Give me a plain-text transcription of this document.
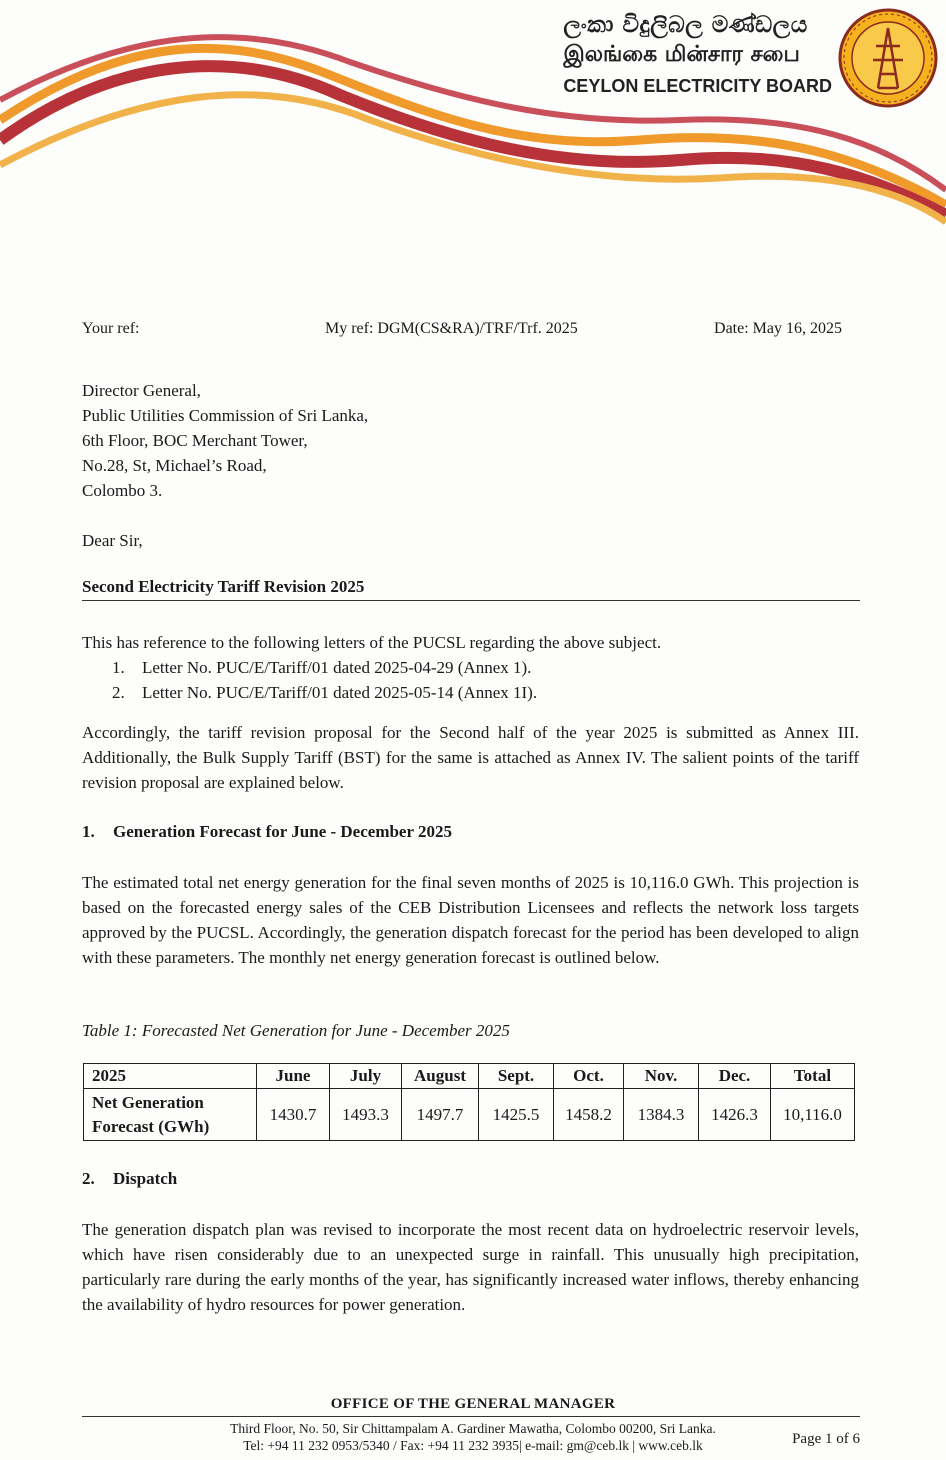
ලංකා විදුලිබල මණ්ඩලය
இலங்கை மின்சார சபை
CEYLON ELECTRICITY BOARD
Your ref:	My ref: DGM(CS&RA)/TRF/Trf. 2025	Date: May 16, 2025
Director General,
Public Utilities Commission of Sri Lanka,
6th Floor, BOC Merchant Tower,
No.28, St, Michael’s Road,
Colombo 3.
Dear Sir,
Second Electricity Tariff Revision 2025
This has reference to the following letters of the PUCSL regarding the above subject.
1. Letter No. PUC/E/Tariff/01 dated 2025-04-29 (Annex 1).
2. Letter No. PUC/E/Tariff/01 dated 2025-05-14 (Annex 1I).
Accordingly, the tariff revision proposal for the Second half of the year 2025 is submitted as Annex III. Additionally, the Bulk Supply Tariff (BST) for the same is attached as Annex IV. The salient points of the tariff revision proposal are explained below.
1. Generation Forecast for June - December 2025
The estimated total net energy generation for the final seven months of 2025 is 10,116.0 GWh. This projection is based on the forecasted energy sales of the CEB Distribution Licensees and reflects the network loss targets approved by the PUCSL. Accordingly, the generation dispatch forecast for the period has been developed to align with these parameters. The monthly net energy generation forecast is outlined below.
Table 1: Forecasted Net Generation for June - December 2025
2025	June	July	August	Sept.	Oct.	Nov.	Dec.	Total

Net Generation
Forecast (GWh)	1430.7	1493.3	1497.7	1425.5	1458.2	1384.3	1426.3	10,116.0
2. Dispatch
The generation dispatch plan was revised to incorporate the most recent data on hydroelectric reservoir levels, which have risen considerably due to an unexpected surge in rainfall. This unusually high precipitation, particularly rare during the early months of the year, has significantly increased water inflows, thereby enhancing the availability of hydro resources for power generation.
OFFICE OF THE GENERAL MANAGER
Third Floor, No. 50, Sir Chittampalam A. Gardiner Mawatha, Colombo 00200, Sri Lanka.
Tel: +94 11 232 0953/5340 / Fax: +94 11 232 3935| e-mail: gm@ceb.lk | www.ceb.lk	Page 1 of 6
